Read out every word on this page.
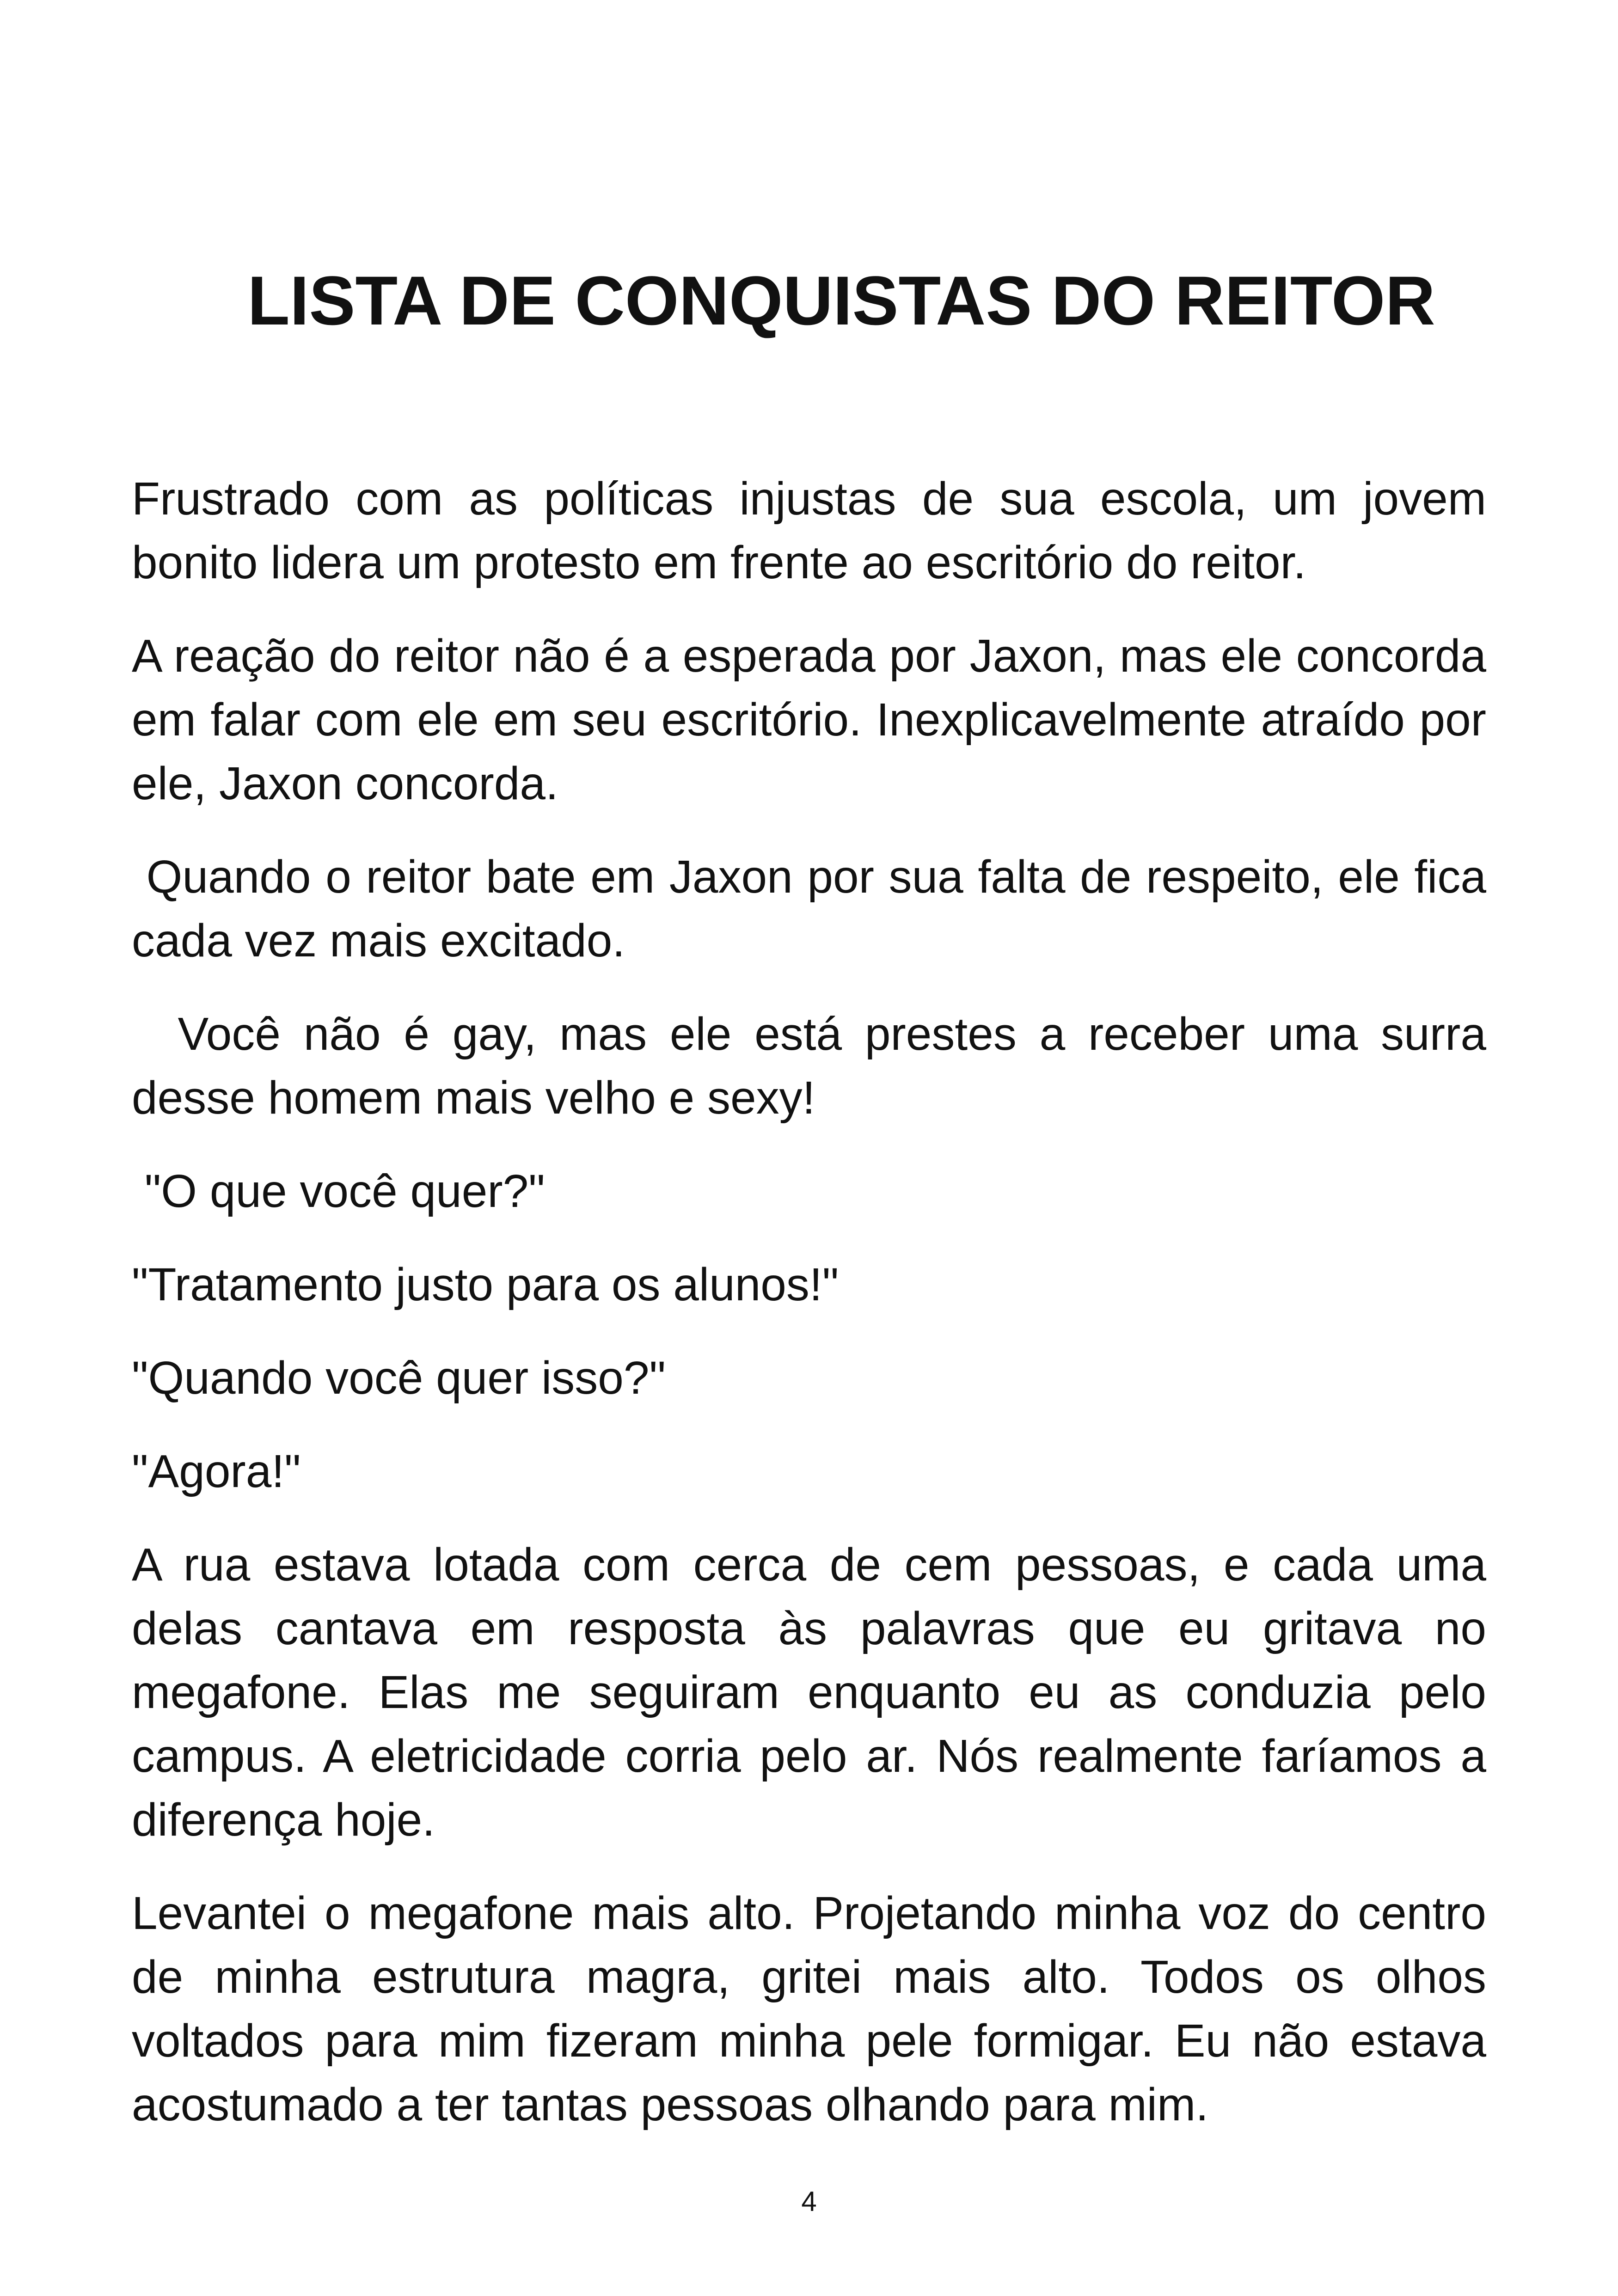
LISTA DE CONQUISTAS DO REITOR

Frustrado com as políticas injustas de sua escola, um jovem bonito lidera um protesto em frente ao escritório do reitor.

A reação do reitor não é a esperada por Jaxon, mas ele concorda em falar com ele em seu escritório. Inexplicavelmente atraído por ele, Jaxon concorda.

Quando o reitor bate em Jaxon por sua falta de respeito, ele fica cada vez mais excitado.

Você não é gay, mas ele está prestes a receber uma surra desse homem mais velho e sexy!

"O que você quer?"

"Tratamento justo para os alunos!"

"Quando você quer isso?"

"Agora!"

A rua estava lotada com cerca de cem pessoas, e cada uma delas cantava em resposta às palavras que eu gritava no megafone. Elas me seguiram enquanto eu as conduzia pelo campus. A eletricidade corria pelo ar. Nós realmente faríamos a diferença hoje.

Levantei o megafone mais alto. Projetando minha voz do centro de minha estrutura magra, gritei mais alto. Todos os olhos voltados para mim fizeram minha pele formigar. Eu não estava acostumado a ter tantas pessoas olhando para mim.

4
